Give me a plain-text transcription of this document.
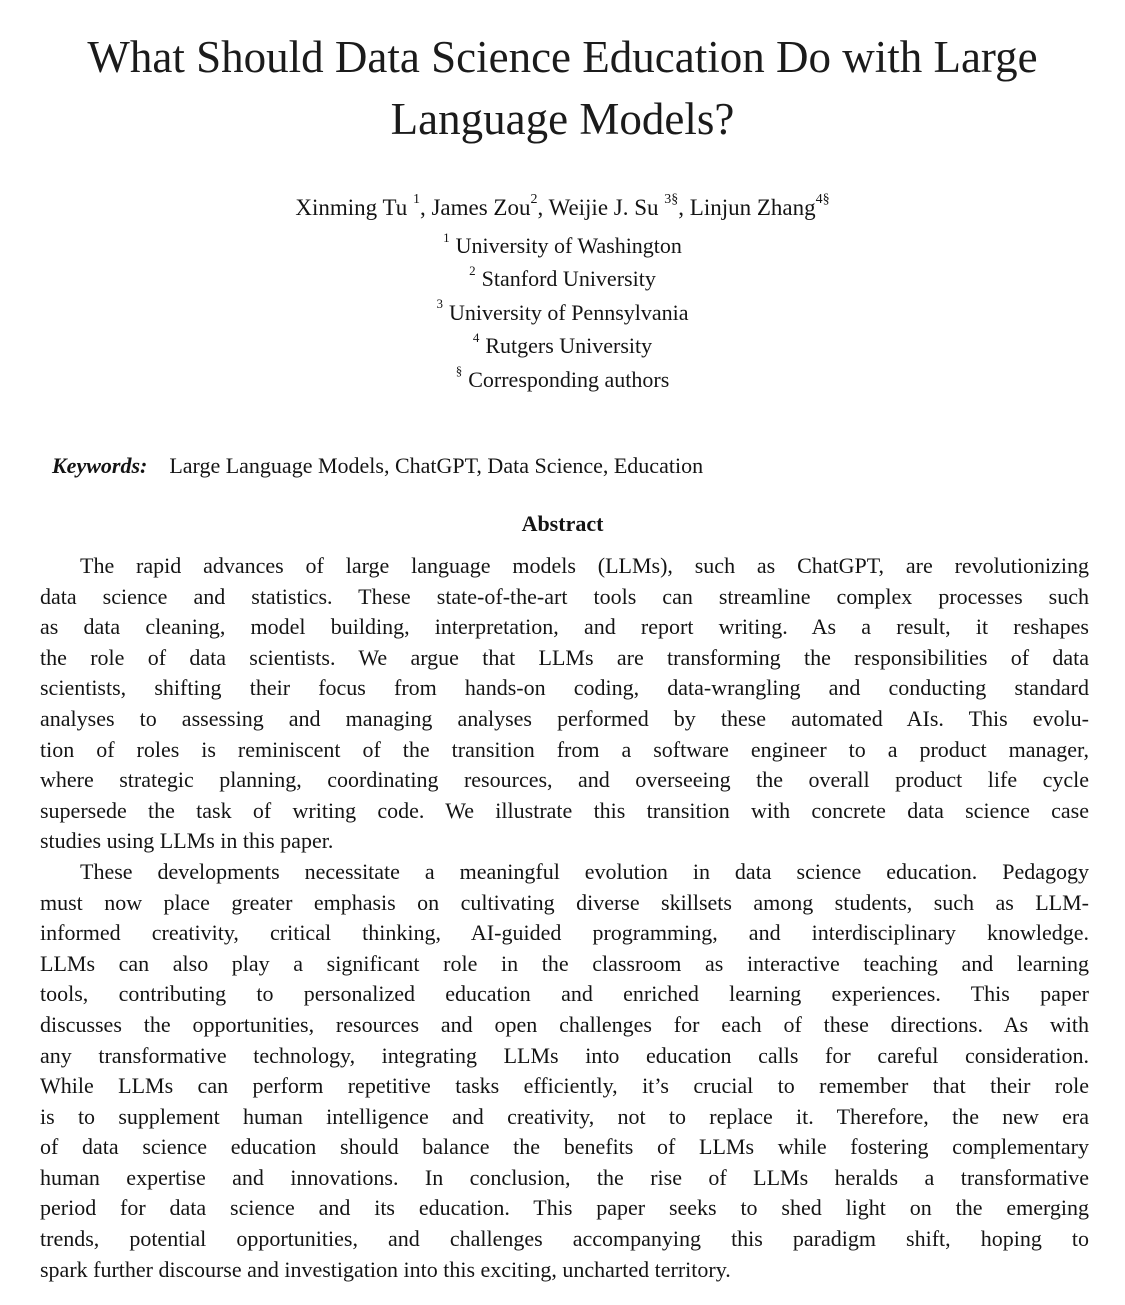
What Should Data Science Education Do with Large Language Models?
Xinming Tu $^1$, James Zou$^2$, Weijie J. Su $^{3\S}$, Linjun Zhang$^{4\S}$
$^1$ University of Washington
$^2$ Stanford University
$^3$ University of Pennsylvania
$^4$ Rutgers University
§ Corresponding authors
Keywords: Large Language Models, ChatGPT, Data Science, Education
Abstract
The rapid advances of large language models (LLMs), such as ChatGPT, are revolutionizing
data science and statistics. These state-of-the-art tools can streamline complex processes such
as data cleaning, model building, interpretation, and report writing. As a result, it reshapes
the role of data scientists. We argue that LLMs are transforming the responsibilities of data
scientists, shifting their focus from hands-on coding, data-wrangling and conducting standard
analyses to assessing and managing analyses performed by these automated AIs. This evolu-
tion of roles is reminiscent of the transition from a software engineer to a product manager,
where strategic planning, coordinating resources, and overseeing the overall product life cycle
supersede the task of writing code. We illustrate this transition with concrete data science case
studies using LLMs in this paper.
These developments necessitate a meaningful evolution in data science education. Pedagogy
must now place greater emphasis on cultivating diverse skillsets among students, such as LLM-
informed creativity, critical thinking, AI-guided programming, and interdisciplinary knowledge.
LLMs can also play a significant role in the classroom as interactive teaching and learning
tools, contributing to personalized education and enriched learning experiences. This paper
discusses the opportunities, resources and open challenges for each of these directions. As with
any transformative technology, integrating LLMs into education calls for careful consideration.
While LLMs can perform repetitive tasks efficiently, it’s crucial to remember that their role
is to supplement human intelligence and creativity, not to replace it. Therefore, the new era
of data science education should balance the benefits of LLMs while fostering complementary
human expertise and innovations. In conclusion, the rise of LLMs heralds a transformative
period for data science and its education. This paper seeks to shed light on the emerging
trends, potential opportunities, and challenges accompanying this paradigm shift, hoping to
spark further discourse and investigation into this exciting, uncharted territory.
